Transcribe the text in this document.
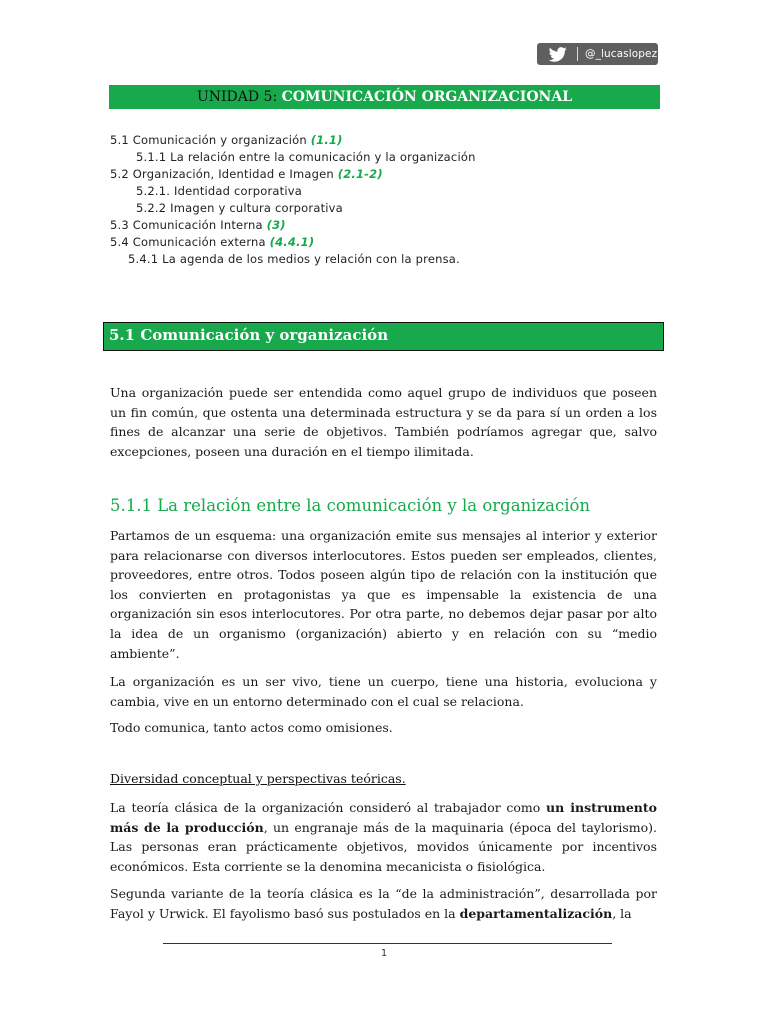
@_lucaslopez
UNIDAD 5: COMUNICACIÓN ORGANIZACIONAL
5.1 Comunicación y organización (1.1)
5.1.1 La relación entre la comunicación y la organización
5.2 Organización, Identidad e Imagen (2.1-2)
5.2.1. Identidad corporativa
5.2.2 Imagen y cultura corporativa
5.3 Comunicación Interna (3)
5.4 Comunicación externa (4.4.1)
5.4.1 La agenda de los medios y relación con la prensa.
5.1 Comunicación y organización

Una organización puede ser entendida como aquel grupo de individuos que poseen un fin común, que ostenta una determinada estructura y se da para sí un orden a los fines de alcanzar una serie de objetivos. También podríamos agregar que, salvo excepciones, poseen una duración en el tiempo ilimitada.

5.1.1 La relación entre la comunicación y la organización

Partamos de un esquema: una organización emite sus mensajes al interior y exterior para relacionarse con diversos interlocutores. Estos pueden ser empleados, clientes, proveedores, entre otros. Todos poseen algún tipo de relación con la institución que los convierten en protagonistas ya que es impensable la existencia de una organización sin esos interlocutores. Por otra parte, no debemos dejar pasar por alto la idea de un organismo (organización) abierto y en relación con su “medio ambiente”.

La organización es un ser vivo, tiene un cuerpo, tiene una historia, evoluciona y cambia, vive en un entorno determinado con el cual se relaciona.

Todo comunica, tanto actos como omisiones.

Diversidad conceptual y perspectivas teóricas.

La teoría clásica de la organización consideró al trabajador como un instrumento más de la producción, un engranaje más de la maquinaria (época del taylorismo). Las personas eran prácticamente objetivos, movidos únicamente por incentivos económicos. Esta corriente se la denomina mecanicista o fisiológica.

Segunda variante de la teoría clásica es la “de la administración”, desarrollada por Fayol y Urwick. El fayolismo basó sus postulados en la departamentalización, la

1
